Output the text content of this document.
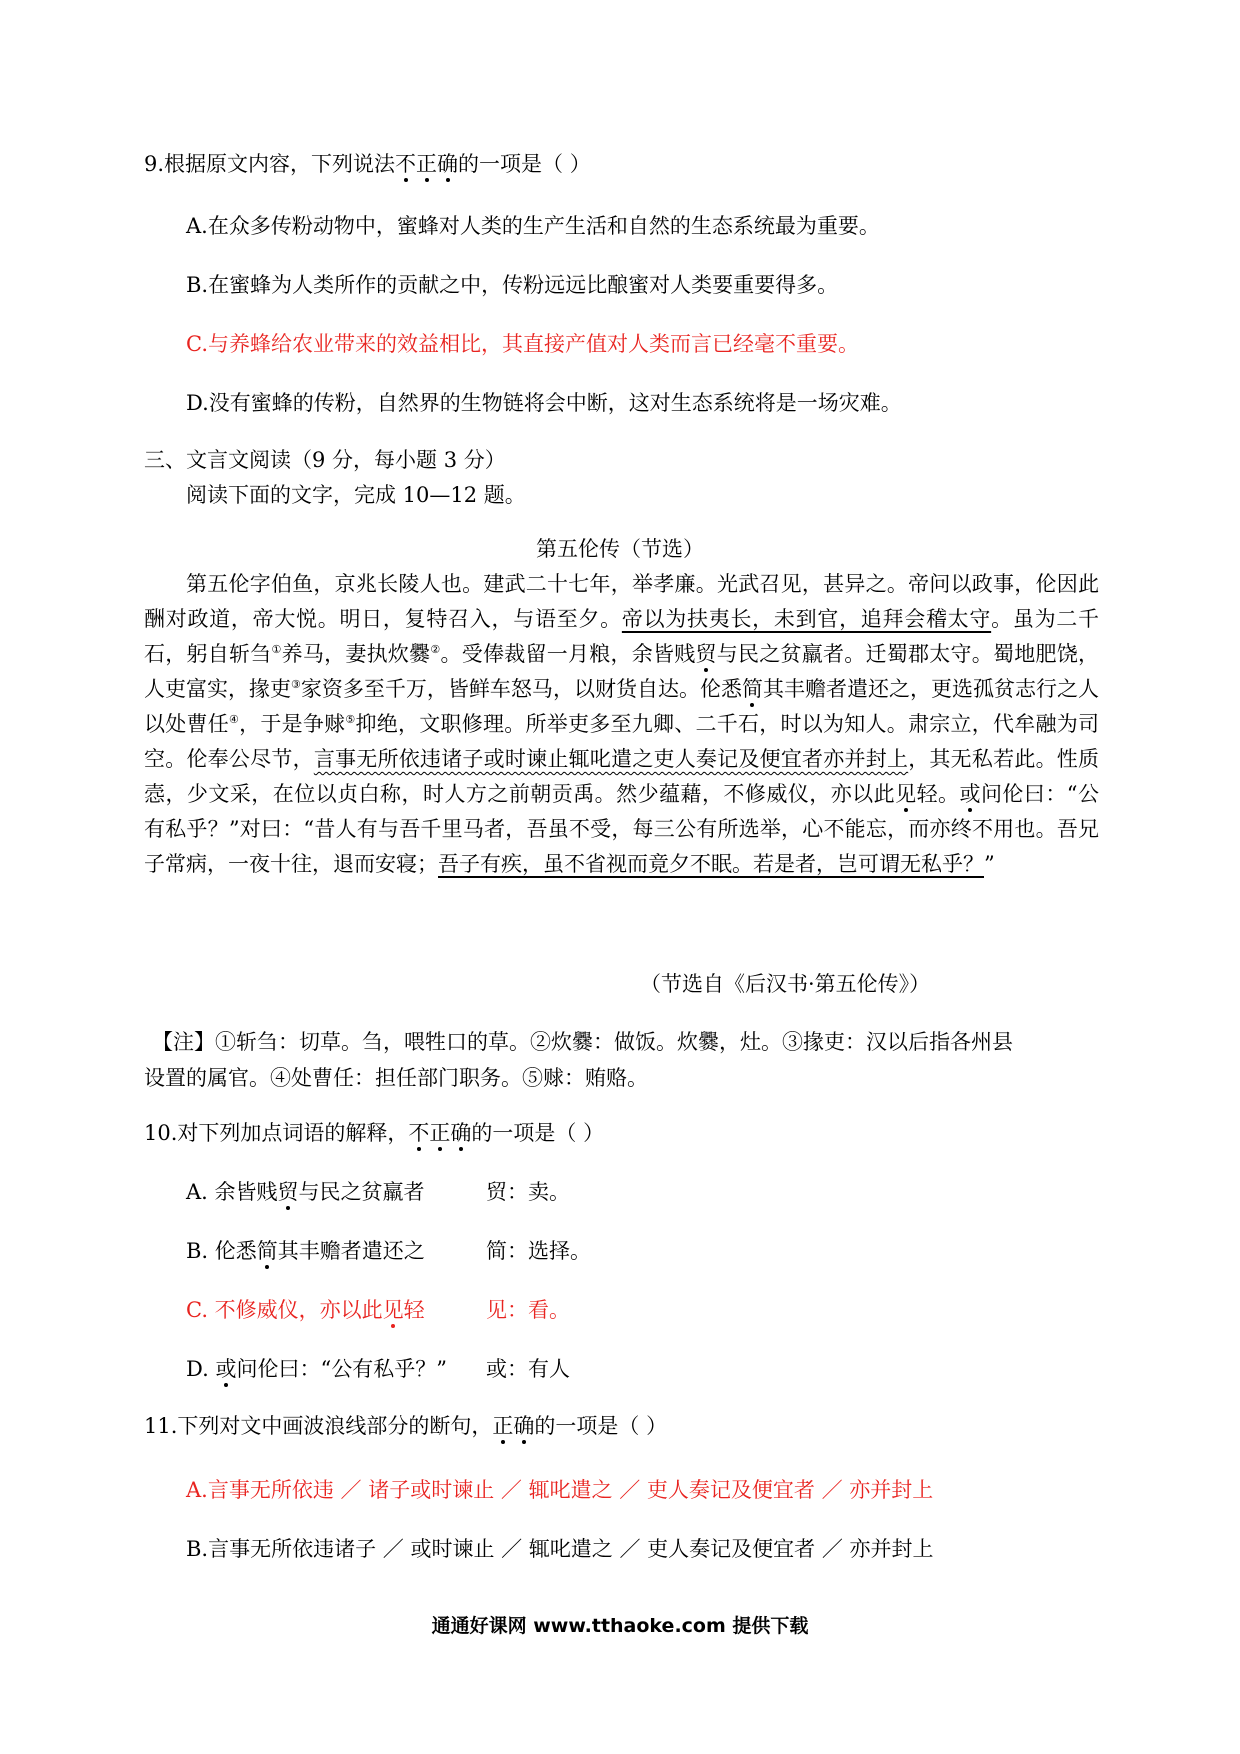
9.根据原文内容，下列说法不正确的一项是（ ）
A.在众多传粉动物中，蜜蜂对人类的生产生活和自然的生态系统最为重要。
B.在蜜蜂为人类所作的贡献之中，传粉远远比酿蜜对人类要重要得多。
C.与养蜂给农业带来的效益相比，其直接产值对人类而言已经毫不重要。
D.没有蜜蜂的传粉，自然界的生物链将会中断，这对生态系统将是一场灾难。
三、文言文阅读（9 分，每小题 3 分）
阅读下面的文字，完成 10—12 题。
第五伦传（节选）
第五伦字伯鱼，京兆长陵人也。建武二十七年，举孝廉。光武召见，甚异之。帝问以政事，伦因此酬对政道，帝大悦。明日，复特召入，与语至夕。帝以为扶夷长，未到官，追拜会稽太守。虽为二千石，躬自斩刍①养马，妻执炊爨②。受俸裁留一月粮，余皆贱贸与民之贫羸者。迁蜀郡太守。蜀地肥饶，人吏富实，掾吏③家资多至千万，皆鲜车怒马，以财货自达。伦悉简其丰赡者遣还之，更选孤贫志行之人以处曹任④，于是争赇⑤抑绝，文职修理。所举吏多至九卿、二千石，时以为知人。肃宗立，代牟融为司空。伦奉公尽节，言事无所依违诸子或时谏止辄叱遣之吏人奏记及便宜者亦并封上，其无私若此。性质悫，少文采，在位以贞白称，时人方之前朝贡禹。然少蕴藉，不修威仪，亦以此见轻。或问伦曰：“公有私乎？”对曰：“昔人有与吾千里马者，吾虽不受，每三公有所选举，心不能忘，而亦终不用也。吾兄子常病，一夜十往，退而安寝；吾子有疾，虽不省视而竟夕不眠。若是者，岂可谓无私乎？”
（节选自《后汉书·第五伦传》）
【注】①斩刍：切草。刍，喂牲口的草。②炊爨：做饭。炊爨，灶。③掾吏：汉以后指各州县
设置的属官。④处曹任：担任部门职务。⑤赇：贿赂。
10.对下列加点词语的解释，不正确的一项是（ ）
A. 余皆贱贸与民之贫羸者	贸：卖。
B. 伦悉简其丰赡者遣还之	简：选择。
C. 不修威仪，亦以此见轻	见：看。
D. 或问伦曰：“公有私乎？” 或：有人
11.下列对文中画波浪线部分的断句，正确的一项是（ ）
A.言事无所依违 ／ 诸子或时谏止 ／ 辄叱遣之 ／ 吏人奏记及便宜者 ／ 亦并封上
B.言事无所依违诸子 ／ 或时谏止 ／ 辄叱遣之 ／ 吏人奏记及便宜者 ／ 亦并封上
通通好课网 www.tthaoke.com 提供下载
